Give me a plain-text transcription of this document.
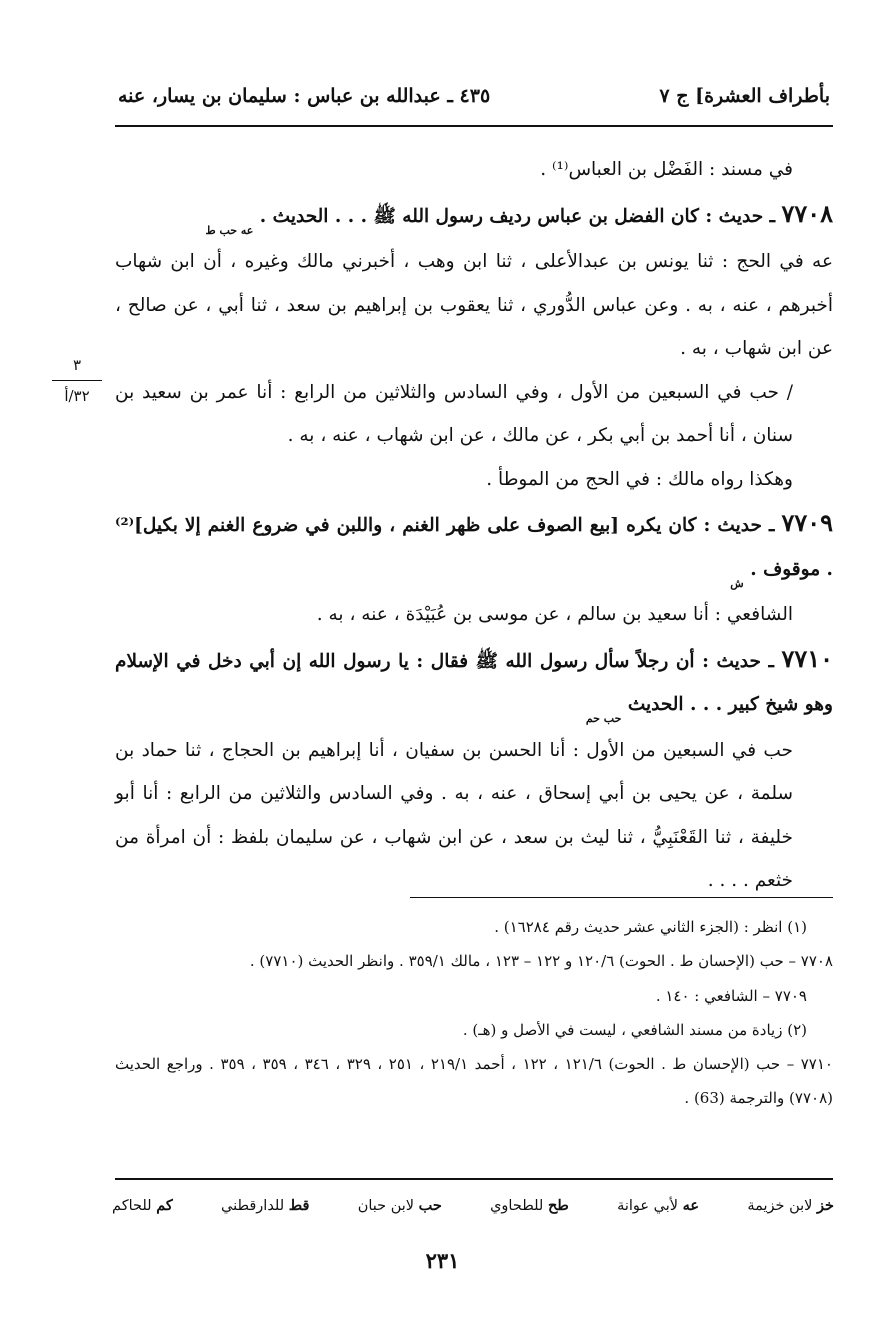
بأطراف العشرة] ج ٧
٤٣٥ ـ عبدالله بن عباس : سليمان بن يسار، عنه
٣
٣٢/أ

في مسند : الفَضْل بن العباس⁽¹⁾ .

٧٧٠٨ ـ حديث : كان الفضل بن عباس رديف رسول الله ﷺ . . . الحديث . $_{عه حب ط}$

عه في الحج : ثنا يونس بن عبدالأعلى ، ثنا ابن وهب ، أخبرني مالك وغيره ، أن ابن شهاب أخبرهم ، عنه ، به . وعن عباس الدُّوري ، ثنا يعقوب بن إبراهيم بن سعد ، ثنا أبي ، عن صالح ، عن ابن شهاب ، به .

/ حب في السبعين من الأول ، وفي السادس والثلاثين من الرابع : أنا عمر بن سعيد بن سنان ، أنا أحمد بن أبي بكر ، عن مالك ، عن ابن شهاب ، عنه ، به .

وهكذا رواه مالك : في الحج من الموطأ .

٧٧٠٩ ـ حديث : كان يكره [بيع الصوف على ظهر الغنم ، واللبن في ضروع الغنم إلا بكيل]⁽²⁾ . موقوف . $_ش$

الشافعي : أنا سعيد بن سالم ، عن موسى بن عُبَيْدَة ، عنه ، به .

٧٧١٠ ـ حديث : أن رجلاً سأل رسول الله ﷺ فقال : يا رسول الله إن أبي دخل في الإسلام وهو شيخ كبير . . . الحديث $_{حب حم}$

حب في السبعين من الأول : أنا الحسن بن سفيان ، أنا إبراهيم بن الحجاج ، ثنا حماد بن سلمة ، عن يحيى بن أبي إسحاق ، عنه ، به . وفي السادس والثلاثين من الرابع : أنا أبو خليفة ، ثنا القَعْنَبِيُّ ، ثنا ليث بن سعد ، عن ابن شهاب ، عن سليمان بلفظ : أن امرأة من خثعم . . . .

(١) انظر : (الجزء الثاني عشر حديث رقم ١٦٢٨٤) .

٧٧٠٨ – حب (الإحسان ط . الحوت) ١٢٠/٦ و ١٢٢ – ١٢٣ ، مالك ٣٥٩/١ . وانظر الحديث (٧٧١٠) .

٧٧٠٩ – الشافعي : ١٤٠ .

(٢) زيادة من مسند الشافعي ، ليست في الأصل و (هـ) .

٧٧١٠ – حب (الإحسان ط . الحوت) ١٢١/٦ ، ١٢٢ ، أحمد ٢١٩/١ ، ٢٥١ ، ٣٢٩ ، ٣٤٦ ، ٣٥٩ ، ٣٥٩ . وراجع الحديث (٧٧٠٨) والترجمة (63) .

خز لابن خزيمة
عه لأبي عوانة
طح للطحاوي
حب لابن حبان
قط للدارقطني
كم للحاكم
٢٣١
